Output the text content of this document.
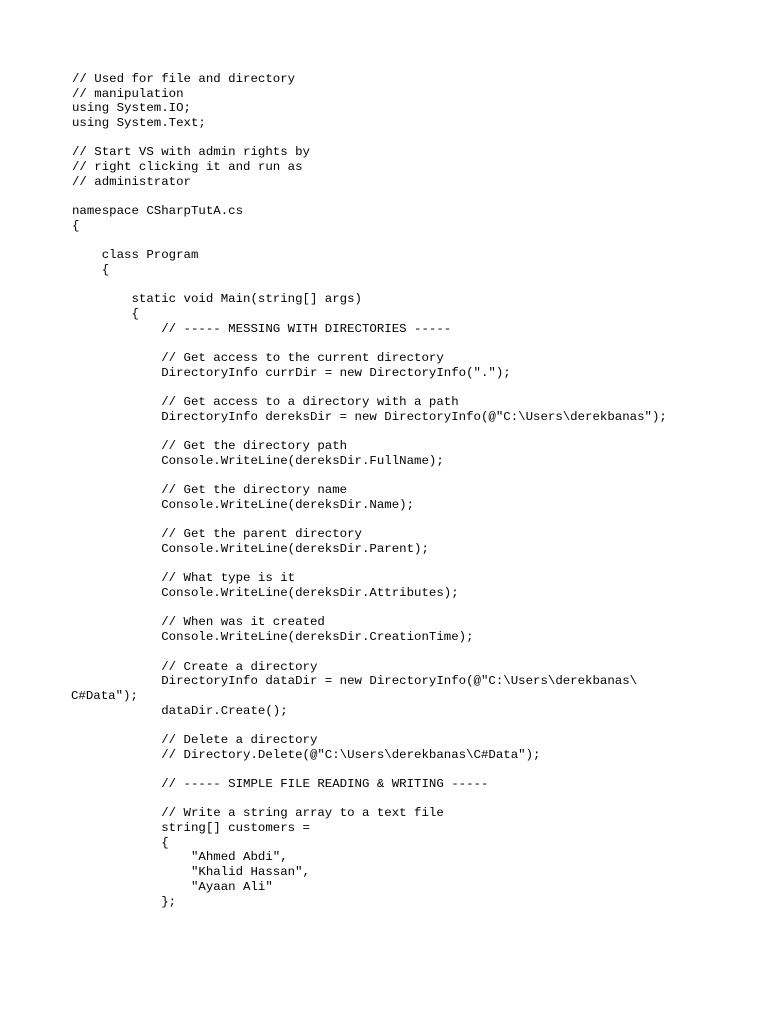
// Used for file and directory
// manipulation
using System.IO;
using System.Text;
// Start VS with admin rights by
// right clicking it and run as
// administrator
namespace CSharpTutA.cs
{
class Program
{
static void Main(string[] args)
{
// ----- MESSING WITH DIRECTORIES -----
// Get access to the current directory
DirectoryInfo currDir = new DirectoryInfo(".");
// Get access to a directory with a path
DirectoryInfo dereksDir = new DirectoryInfo(@"C:\Users\derekbanas");
// Get the directory path
Console.WriteLine(dereksDir.FullName);
// Get the directory name
Console.WriteLine(dereksDir.Name);
// Get the parent directory
Console.WriteLine(dereksDir.Parent);
// What type is it
Console.WriteLine(dereksDir.Attributes);
// When was it created
Console.WriteLine(dereksDir.CreationTime);
// Create a directory
DirectoryInfo dataDir = new DirectoryInfo(@"C:\Users\derekbanas\
C#Data");
dataDir.Create();
// Delete a directory
// Directory.Delete(@"C:\Users\derekbanas\C#Data");
// ----- SIMPLE FILE READING & WRITING -----
// Write a string array to a text file
string[] customers =
{
"Ahmed Abdi",
"Khalid Hassan",
"Ayaan Ali"
};
